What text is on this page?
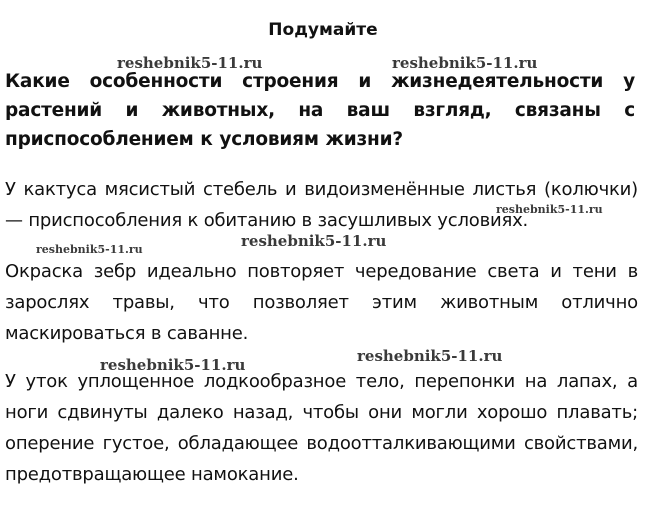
Подумайте
Какие особенности строения и жизнедеятельности у растений и животных, на ваш взгляд, связаны с приспособлением к условиям жизни?
У кактуса мясистый стебель и видоизменённые листья (колючки) — приспособления к обитанию в засушливых условиях.
Окраска зебр идеально повторяет чередование света и тени в зарослях травы, что позволяет этим животным отлично маскироваться в саванне.
У уток уплощенное лодкообразное тело, перепонки на лапах, а ноги сдвинуты далеко назад, чтобы они могли хорошо плавать; оперение густое, обладающее водоотталкивающими свойствами, предотвращающее намокание.
reshebnik5-11.ru	reshebnik5-11.ru
reshebnik5-11.ru
reshebnik5-11.ru	reshebnik5-11.ru
reshebnik5-11.ru	reshebnik5-11.ru
